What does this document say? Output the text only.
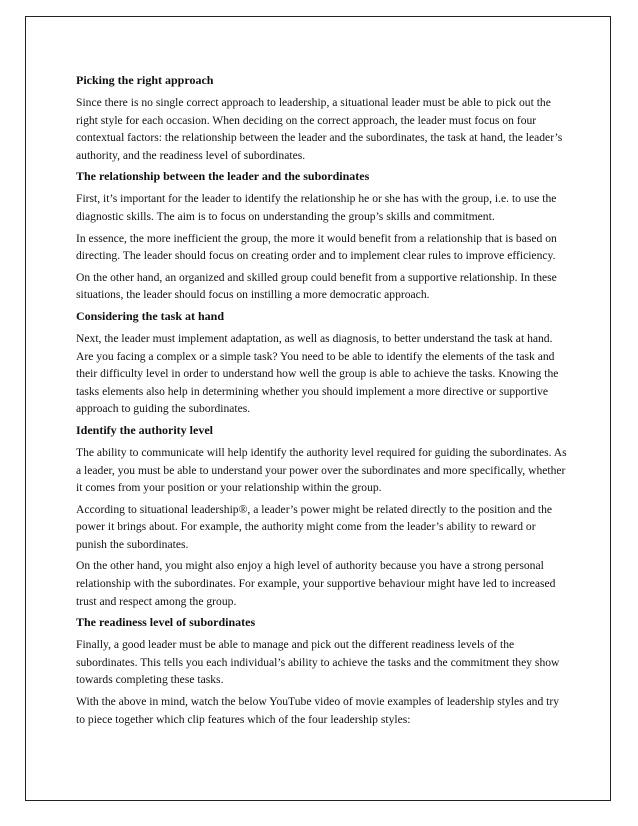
Picking the right approach

Since there is no single correct approach to leadership, a situational leader must be able to pick out the right style for each occasion. When deciding on the correct approach, the leader must focus on four contextual factors: the relationship between the leader and the subordinates, the task at hand, the leader’s authority, and the readiness level of subordinates.

The relationship between the leader and the subordinates

First, it’s important for the leader to identify the relationship he or she has with the group, i.e. to use the diagnostic skills. The aim is to focus on understanding the group’s skills and commitment.

In essence, the more inefficient the group, the more it would benefit from a relationship that is based on directing. The leader should focus on creating order and to implement clear rules to improve efficiency.

On the other hand, an organized and skilled group could benefit from a supportive relationship. In these situations, the leader should focus on instilling a more democratic approach.

Considering the task at hand

Next, the leader must implement adaptation, as well as diagnosis, to better understand the task at hand. Are you facing a complex or a simple task? You need to be able to identify the elements of the task and their difficulty level in order to understand how well the group is able to achieve the tasks. Knowing the tasks elements also help in determining whether you should implement a more directive or supportive approach to guiding the subordinates.

Identify the authority level

The ability to communicate will help identify the authority level required for guiding the subordinates. As a leader, you must be able to understand your power over the subordinates and more specifically, whether it comes from your position or your relationship within the group.

According to situational leadership®, a leader’s power might be related directly to the position and the power it brings about. For example, the authority might come from the leader’s ability to reward or punish the subordinates.

On the other hand, you might also enjoy a high level of authority because you have a strong personal relationship with the subordinates. For example, your supportive behaviour might have led to increased trust and respect among the group.

The readiness level of subordinates

Finally, a good leader must be able to manage and pick out the different readiness levels of the subordinates. This tells you each individual’s ability to achieve the tasks and the commitment they show towards completing these tasks.

With the above in mind, watch the below YouTube video of movie examples of leadership styles and try to piece together which clip features which of the four leadership styles:
